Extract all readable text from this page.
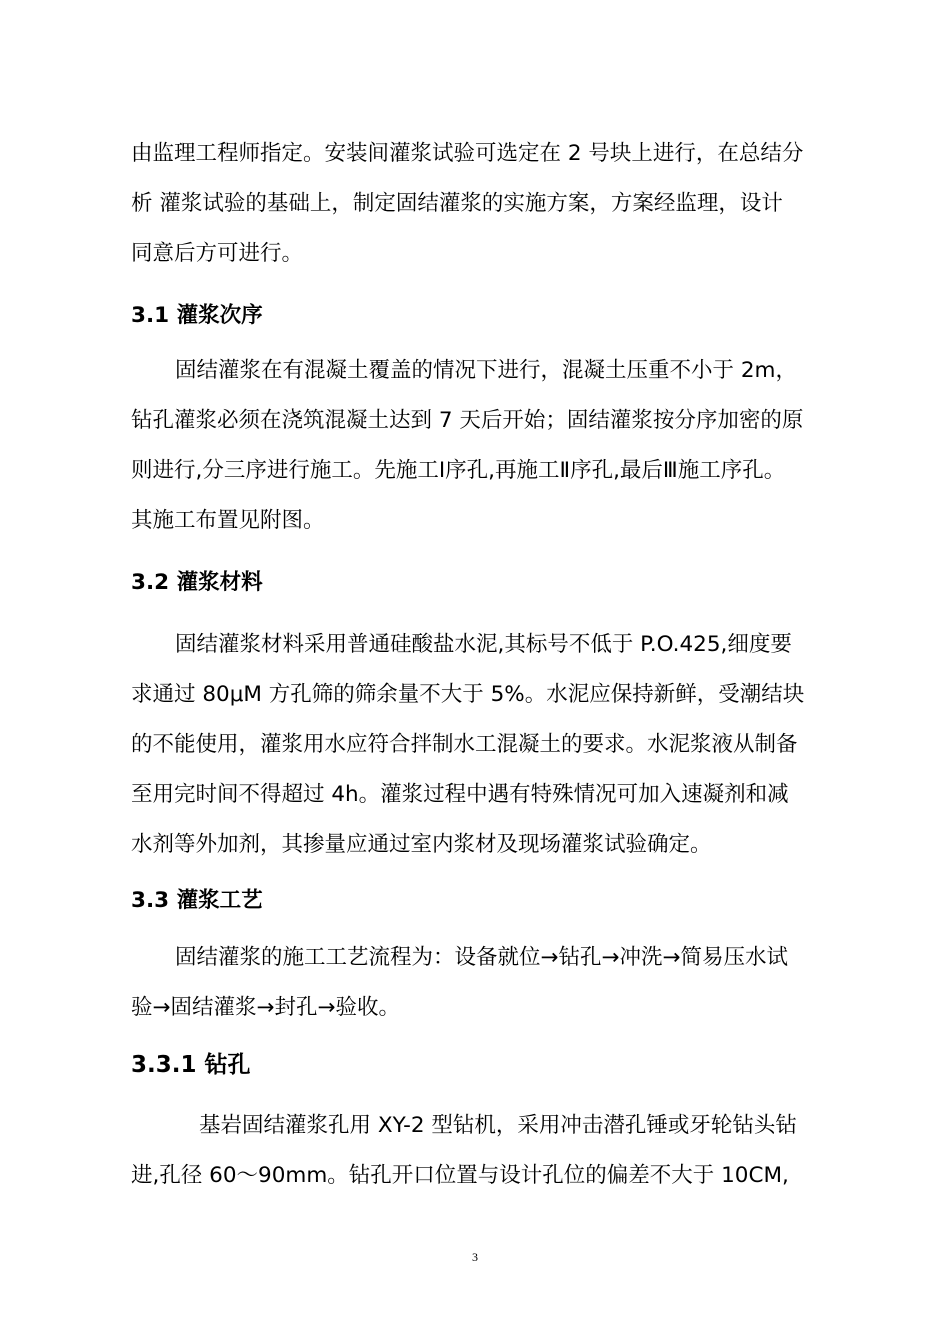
由监理工程师指定。安装间灌浆试验可选定在 2 号块上进行，在总结分
析 灌浆试验的基础上，制定固结灌浆的实施方案，方案经监理，设计
同意后方可进行。

3.1 灌浆次序

固结灌浆在有混凝土覆盖的情况下进行，混凝土压重不小于 2m，
钻孔灌浆必须在浇筑混凝土达到 7 天后开始；固结灌浆按分序加密的原
则进行,分三序进行施工。先施工Ⅰ序孔,再施工Ⅱ序孔,最后Ⅲ施工序孔。
其施工布置见附图。

3.2 灌浆材料

固结灌浆材料采用普通硅酸盐水泥,其标号不低于 P.O.425,细度要
求通过 80μM 方孔筛的筛余量不大于 5%。水泥应保持新鲜，受潮结块
的不能使用，灌浆用水应符合拌制水工混凝土的要求。水泥浆液从制备
至用完时间不得超过 4h。灌浆过程中遇有特殊情况可加入速凝剂和减
水剂等外加剂，其掺量应通过室内浆材及现场灌浆试验确定。

3.3 灌浆工艺

固结灌浆的施工工艺流程为：设备就位→钻孔→冲洗→简易压水试
验→固结灌浆→封孔→验收。

3.3.1 钻孔

基岩固结灌浆孔用 XY-2 型钻机，采用冲击潜孔锤或牙轮钻头钻
进,孔径 60～90mm。钻孔开口位置与设计孔位的偏差不大于 10CM,

3
